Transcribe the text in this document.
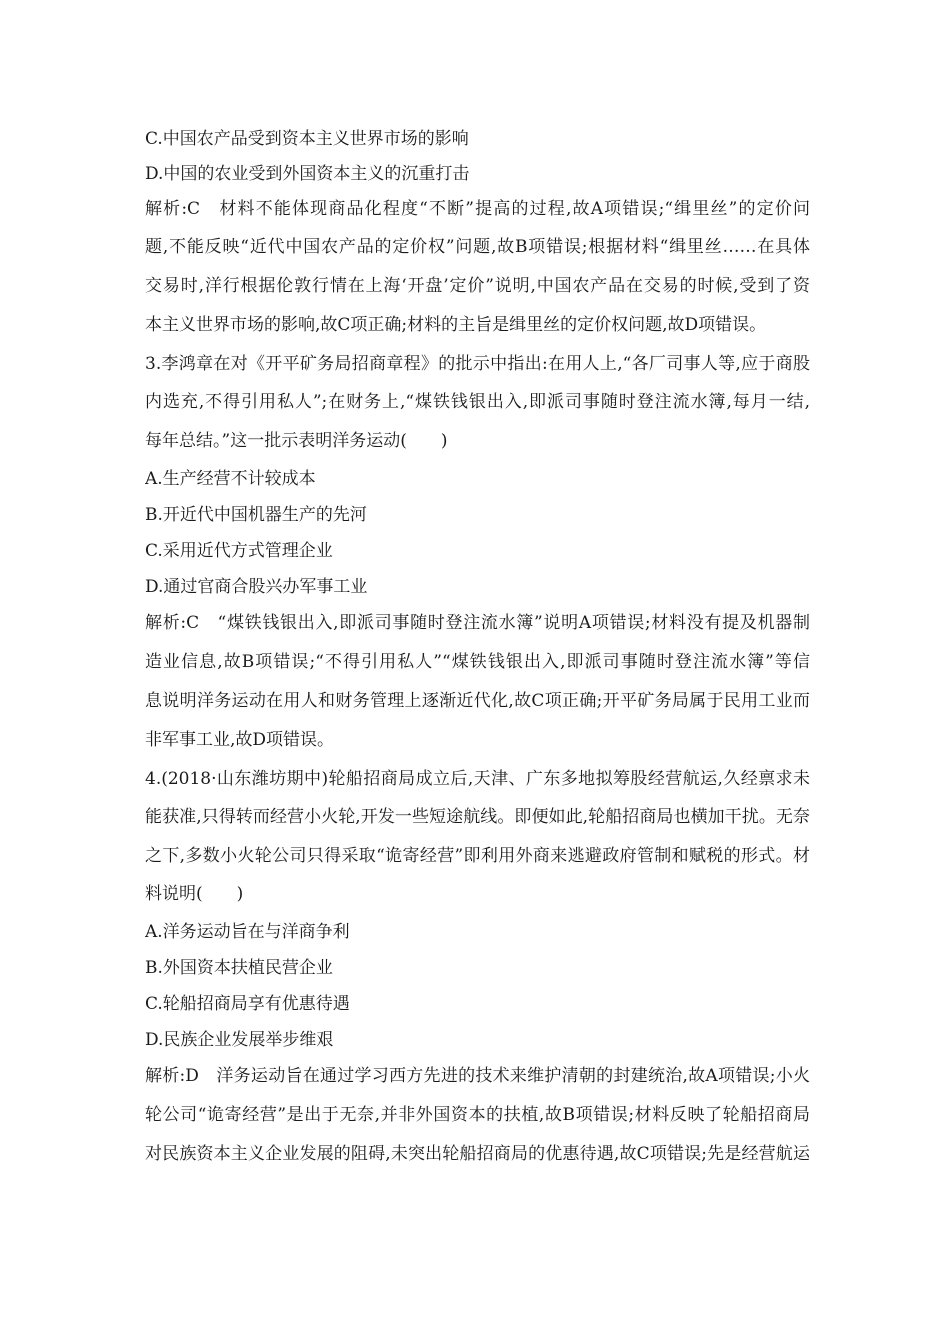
C.中国农产品受到资本主义世界市场的影响
D.中国的农业受到外国资本主义的沉重打击
解析:C　材料不能体现商品化程度“不断”提高的过程,故A项错误;“缉里丝”的定价问
题,不能反映“近代中国农产品的定价权”问题,故B项错误;根据材料“缉里丝……在具体
交易时,洋行根据伦敦行情在上海‘开盘’定价”说明,中国农产品在交易的时候,受到了资
本主义世界市场的影响,故C项正确;材料的主旨是缉里丝的定价权问题,故D项错误。
3.李鸿章在对《开平矿务局招商章程》的批示中指出:在用人上,“各厂司事人等,应于商股
内选充,不得引用私人”;在财务上,“煤铁钱银出入,即派司事随时登注流水簿,每月一结,
每年总结。”这一批示表明洋务运动(　　)
A.生产经营不计较成本
B.开近代中国机器生产的先河
C.采用近代方式管理企业
D.通过官商合股兴办军事工业
解析:C　“煤铁钱银出入,即派司事随时登注流水簿”说明A项错误;材料没有提及机器制
造业信息,故B项错误;“不得引用私人”“煤铁钱银出入,即派司事随时登注流水簿”等信
息说明洋务运动在用人和财务管理上逐渐近代化,故C项正确;开平矿务局属于民用工业而
非军事工业,故D项错误。
4.(2018·山东潍坊期中)轮船招商局成立后,天津、广东多地拟筹股经营航运,久经禀求未
能获准,只得转而经营小火轮,开发一些短途航线。即便如此,轮船招商局也横加干扰。无奈
之下,多数小火轮公司只得采取“诡寄经营”即利用外商来逃避政府管制和赋税的形式。材
料说明(　　)
A.洋务运动旨在与洋商争利
B.外国资本扶植民营企业
C.轮船招商局享有优惠待遇
D.民族企业发展举步维艰
解析:D　洋务运动旨在通过学习西方先进的技术来维护清朝的封建统治,故A项错误;小火
轮公司“诡寄经营”是出于无奈,并非外国资本的扶植,故B项错误;材料反映了轮船招商局
对民族资本主义企业发展的阻碍,未突出轮船招商局的优惠待遇,故C项错误;先是经营航运
